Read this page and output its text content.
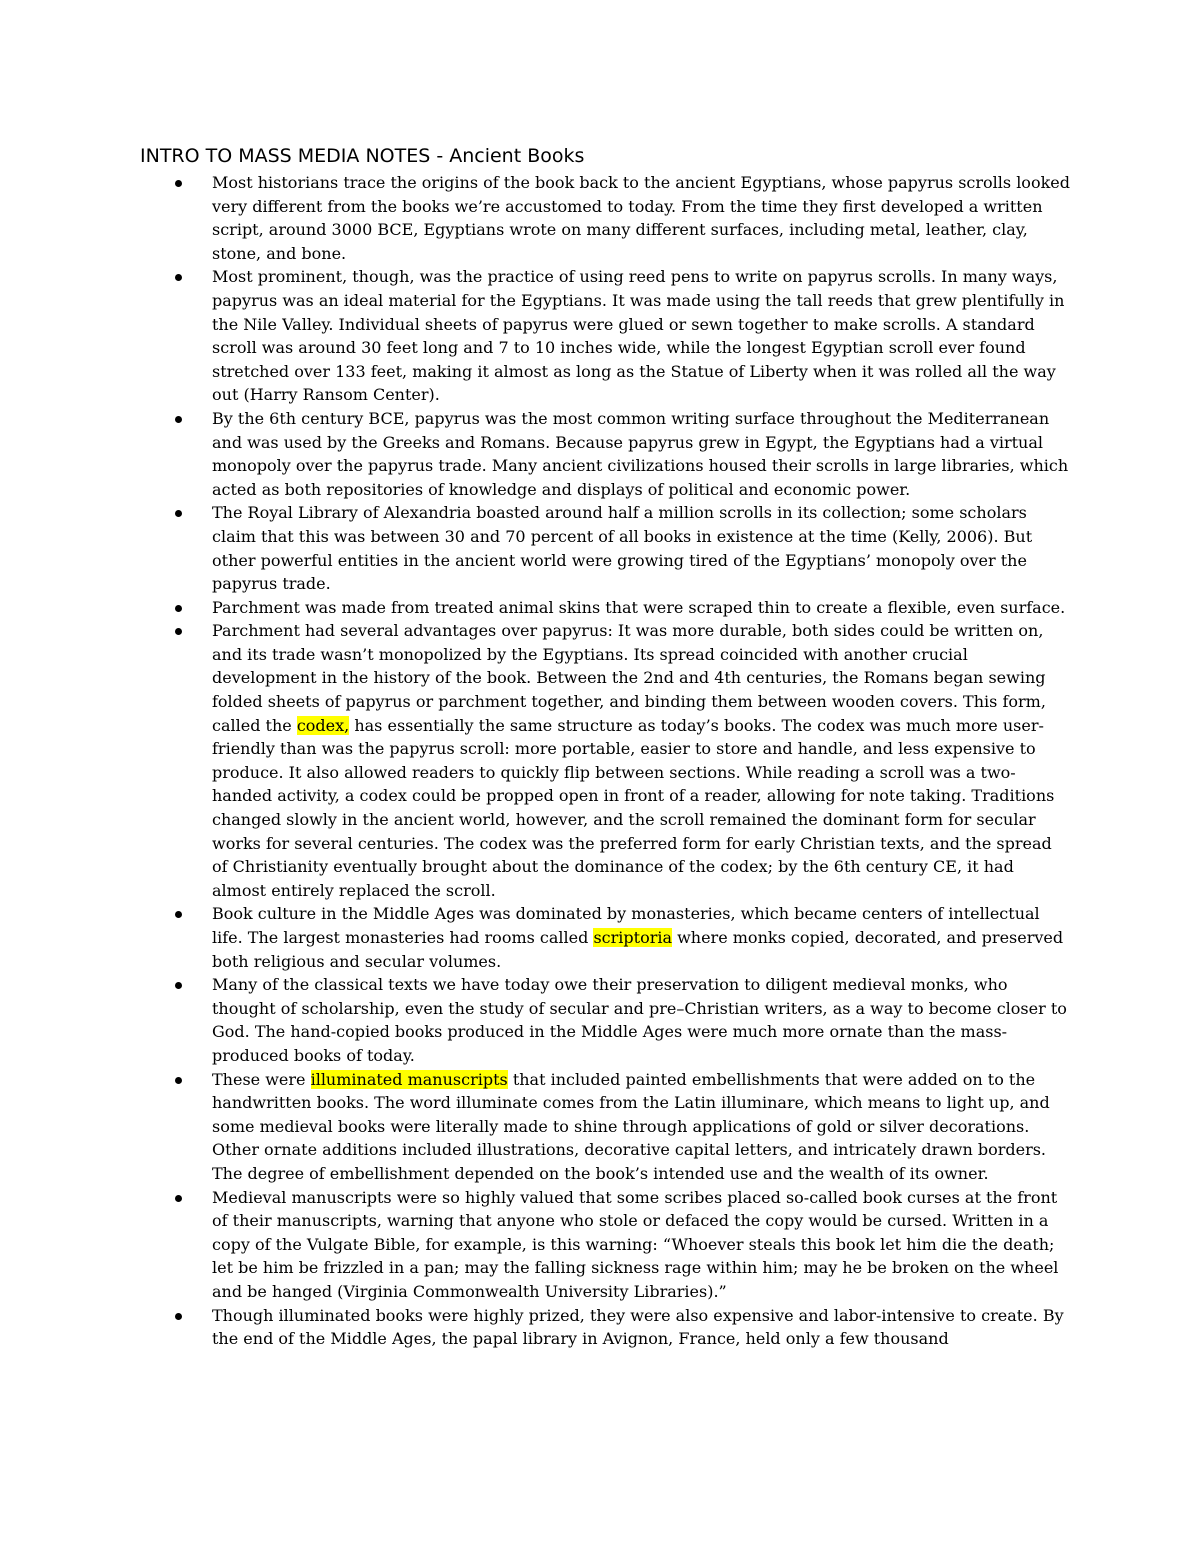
INTRO TO MASS MEDIA NOTES - Ancient Books
Most historians trace the origins of the book back to the ancient Egyptians, whose papyrus scrolls looked very different from the books we’re accustomed to today. From the time they first developed a written script, around 3000 BCE, Egyptians wrote on many different surfaces, including metal, leather, clay, stone, and bone.
Most prominent, though, was the practice of using reed pens to write on papyrus scrolls. In many ways, papyrus was an ideal material for the Egyptians. It was made using the tall reeds that grew plentifully in the Nile Valley. Individual sheets of papyrus were glued or sewn together to make scrolls. A standard scroll was around 30 feet long and 7 to 10 inches wide, while the longest Egyptian scroll ever found stretched over 133 feet, making it almost as long as the Statue of Liberty when it was rolled all the way out (Harry Ransom Center).
By the 6th century BCE, papyrus was the most common writing surface throughout the Mediterranean and was used by the Greeks and Romans. Because papyrus grew in Egypt, the Egyptians had a virtual monopoly over the papyrus trade. Many ancient civilizations housed their scrolls in large libraries, which acted as both repositories of knowledge and displays of political and economic power.
The Royal Library of Alexandria boasted around half a million scrolls in its collection; some scholars claim that this was between 30 and 70 percent of all books in existence at the time (Kelly, 2006). But other powerful entities in the ancient world were growing tired of the Egyptians’ monopoly over the papyrus trade.
Parchment was made from treated animal skins that were scraped thin to create a flexible, even surface.
Parchment had several advantages over papyrus: It was more durable, both sides could be written on, and its trade wasn’t monopolized by the Egyptians. Its spread coincided with another crucial development in the history of the book. Between the 2nd and 4th centuries, the Romans began sewing folded sheets of papyrus or parchment together, and binding them between wooden covers. This form, called the codex, has essentially the same structure as today’s books. The codex was much more user-friendly than was the papyrus scroll: more portable, easier to store and handle, and less expensive to produce. It also allowed readers to quickly flip between sections. While reading a scroll was a two-handed activity, a codex could be propped open in front of a reader, allowing for note taking. Traditions changed slowly in the ancient world, however, and the scroll remained the dominant form for secular works for several centuries. The codex was the preferred form for early Christian texts, and the spread of Christianity eventually brought about the dominance of the codex; by the 6th century CE, it had almost entirely replaced the scroll.
Book culture in the Middle Ages was dominated by monasteries, which became centers of intellectual life. The largest monasteries had rooms called scriptoria where monks copied, decorated, and preserved both religious and secular volumes.
Many of the classical texts we have today owe their preservation to diligent medieval monks, who thought of scholarship, even the study of secular and pre–Christian writers, as a way to become closer to God. The hand-copied books produced in the Middle Ages were much more ornate than the mass-produced books of today.
These were illuminated manuscripts that included painted embellishments that were added on to the handwritten books. The word illuminate comes from the Latin illuminare, which means to light up, and some medieval books were literally made to shine through applications of gold or silver decorations. Other ornate additions included illustrations, decorative capital letters, and intricately drawn borders. The degree of embellishment depended on the book’s intended use and the wealth of its owner.
Medieval manuscripts were so highly valued that some scribes placed so-called book curses at the front of their manuscripts, warning that anyone who stole or defaced the copy would be cursed. Written in a copy of the Vulgate Bible, for example, is this warning: “Whoever steals this book let him die the death; let be him be frizzled in a pan; may the falling sickness rage within him; may he be broken on the wheel and be hanged (Virginia Commonwealth University Libraries).”
Though illuminated books were highly prized, they were also expensive and labor-intensive to create. By the end of the Middle Ages, the papal library in Avignon, France, held only a few thousand
